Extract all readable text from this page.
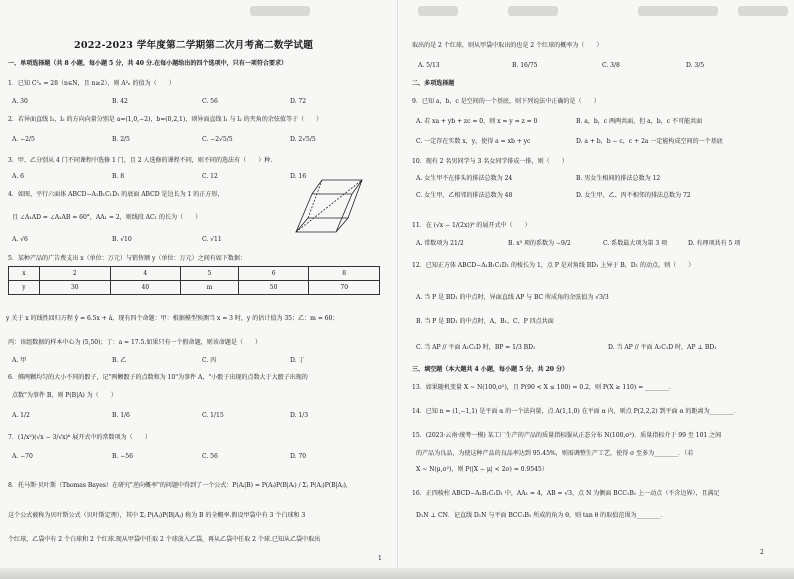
2022-2023 学年度第二学期第二次月考高二数学试题
一、单项选择题（共 8 小题，每小题 5 分，共 40 分.在每小题给出的四个选项中，只有一项符合要求）
1．已知 C²ₙ = 28（n∈N，且 n≥2），则 A²ₙ 的值为（　　）
A. 30	B. 42	C. 56	D. 72
2．若异面直线 l₁，l₂ 的方向向量分别是 a=(1,0,−2)，b=(0,2,1)，则异面直线 l₁ 与 l₂ 的夹角的余弦值等于（　　）
A. −2/5	B. 2/5	C. −2√5/5	D. 2√5/5
3．甲、乙分别从 4 门不同课程中选修 1 门，且 2 人选修的课程不同，则不同的选法有（　　）种.
A. 6	B. 8	C. 12	D. 16
4．如图，平行六面体 ABCD−A₁B₁C₁D₁ 的底面 ABCD 是边长为 1 的正方形，
且 ∠A₁AD = ∠A₁AB = 60°，AA₁ = 2，则线段 AC₁ 的长为（　　）
A. √6	B. √10	C. √11
5．某种产品的广告费支出 x（单位：万元）与销售额 y（单位：万元）之间有如下数据：
x	2	4	5	6	8
y	30	40	m	50	70
y 关于 x 的线性回归方程 ŷ = 6.5x + â，现有四个命题：甲：根据模型预测当 x = 3 时，y 的估计值为 35；乙：m = 60；
丙：该组数据的样本中心为 (5,50)；丁：a = 17.5.如果只有一个假命题，则该命题是（　　）
A. 甲	B. 乙	C. 丙	D. 丁
6．掷两颗均匀的大小不同的骰子，记"两颗骰子的点数和为 10"为事件 A，"小骰子出现的点数大于大骰子出现的
点数"为事件 B，则 P(B|A) 为（　　）
A. 1/2	B. 1/6	C. 1/15	D. 1/3
7．(1/x²)(√x − 3/√x)⁶ 展开式中的常数项为（　　）
A. −70	B. −56	C. 56	D. 70
8．托马斯·贝叶斯（Thomas Bayes）在研究"逆向概率"的问题中得到了一个公式：P(Aᵢ|B) = P(Aᵢ)P(B|Aᵢ) / Σⱼ P(Aⱼ)P(B|Aⱼ)，
这个公式被称为贝叶斯公式（贝叶斯定理），其中 Σⱼ P(Aⱼ)P(B|Aⱼ) 称为 B 的全概率.假设甲袋中有 3 个白球和 3
个红球，乙袋中有 2 个白球和 2 个红球.现从甲袋中任取 2 个球放入乙袋，再从乙袋中任取 2 个球.已知从乙袋中取出
1
取出的是 2 个红球，则从甲袋中取出的也是 2 个红球的概率为（　　）
A. 5/13	B. 16/75	C. 3/8	D. 3/5
二、多项选择题
9．已知 a，b，c 是空间的一个基底，则下列说法中正确的是（　　）
A. 若 xa + yb + zc = 0，则 x = y = z = 0	B. a，b，c 两两共面，但 a，b，c 不可能共面
C. 一定存在实数 x，y，使得 a = xb + yc	D. a + b，b − c，c + 2a 一定能构成空间的一个基底
10．现有 2 名男同学与 3 名女同学排成一排，则（　　）
A. 女生甲不在排头的排法总数为 24	B. 男女生相间的排法总数为 12
C. 女生甲、乙相邻的排法总数为 48	D. 女生甲、乙、丙不相邻的排法总数为 72
11．在 (√x − 1/(2x))⁹ 的展开式中（　　）
A. 常数项为 21/2	B. x³ 项的系数为 −9/2	C. 系数最大项为第 3 项	D. 有理项共有 5 项
12．已知正方体 ABCD−A₁B₁C₁D₁ 的棱长为 1，点 P 是对角线 BD₁ 上异于 B，D₁ 的动点，则（　　）
A. 当 P 是 BD₁ 的中点时，异面直线 AP 与 BC 所成角的余弦值为 √3/3
B. 当 P 是 BD₁ 的中点时，A、B₁、C、P 四点共面
C. 当 AP // 平面 A₁C₁D 时，BP = 1/3 BD₁	D. 当 AP // 平面 A₁C₁D 时，AP ⊥ BD₁
三、填空题（本大题共 4 小题，每小题 5 分，共 20 分）
13．如果随机变量 X ~ N(100,σ²)，且 P(90 < X ≤ 100) = 0.2，则 P(X ≥ 110) = ________．
14．已知 n = (1,−1,1) 是平面 α 的一个法向量，点 A(1,1,0) 在平面 α 内，则点 P(2,2,2) 到平面 α 的距离为________．
15．(2023·云南·统考一模) 某工厂生产的产品的质量指标服从正态分布 N(100,σ²)．质量指标介于 99 至 101 之间
的产品为良品，为使这种产品的良品率达到 95.45%，则需调整生产工艺，使得 σ 至多为________．（若
X ~ N(μ,σ²)，则 P(|X − μ| < 2σ) ≈ 0.9545）
16．正四棱柱 ABCD−A₁B₁C₁D₁ 中，AA₁ = 4，AB = √3，点 N 为侧面 BCC₁B₁ 上一动点（不含边界），且满足
D₁N ⊥ CN．记直线 D₁N 与平面 BCC₁B₁ 所成的角为 θ，则 tan θ 的取值范围为________．
2
